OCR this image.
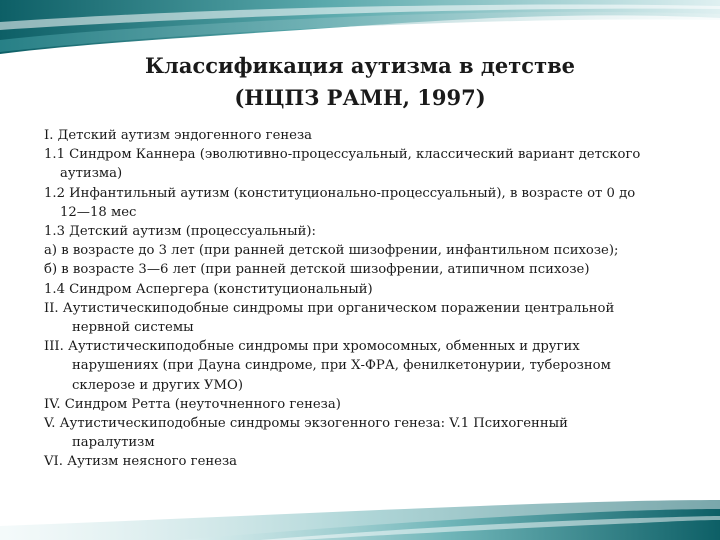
Классификация аутизма в детстве
(НЦПЗ РАМН, 1997)
I. Детский аутизм эндогенного генеза
1.1 Синдром Каннера (эволютивно-процессуальный, классический вариант детского
аутизма)
1.2 Инфантильный аутизм (конституционально-процессуальный), в возрасте от 0 до
12—18 мес
1.3 Детский аутизм (процессуальный):
а) в возрасте до 3 лет (при ранней детской шизофрении, инфантильном психозе);
б) в возрасте 3—6 лет (при ранней детской шизофрении, атипичном психозе)
1.4 Синдром Аспергера (конституциональный)
II. Аутистическиподобные синдромы при органическом поражении центральной
нервной системы
III. Аутистическиподобные синдромы при хромосомных, обменных и других
нарушениях (при Дауна синдроме, при Х-ФРА, фенилкетонурии, туберозном
склерозе и других УМО)
IV. Синдром Ретта (неуточненного генеза)
V. Аутистическиподобные синдромы экзогенного генеза: V.1 Психогенный
паралутизм
VI. Аутизм неясного генеза
